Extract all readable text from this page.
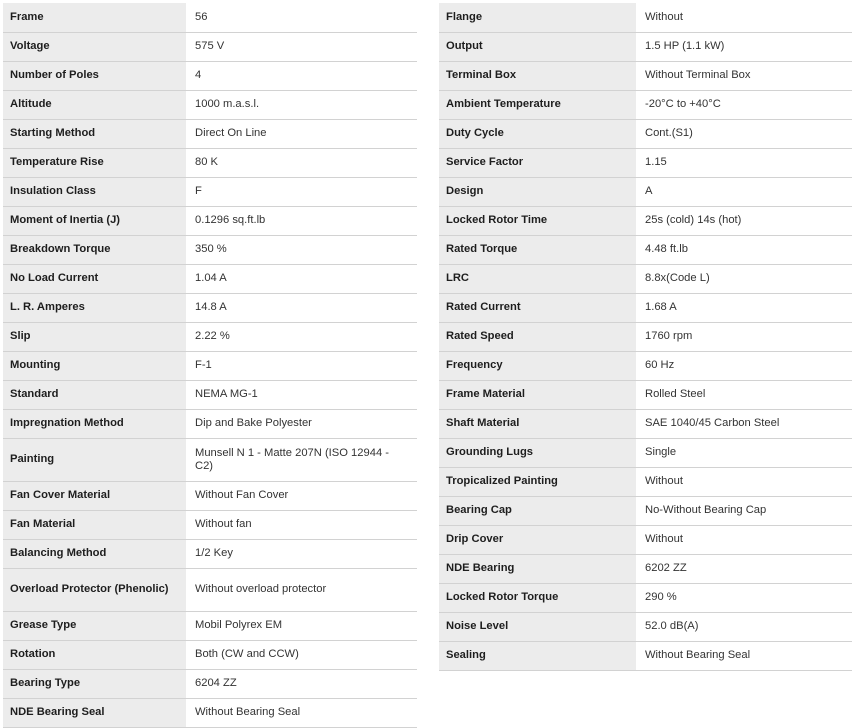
Frame	56
Voltage	575 V
Number of Poles	4
Altitude	1000 m.a.s.l.
Starting Method	Direct On Line
Temperature Rise	80 K
Insulation Class	F
Moment of Inertia (J)	0.1296 sq.ft.lb
Breakdown Torque	350 %
No Load Current	1.04 A
L. R. Amperes	14.8 A
Slip	2.22 %
Mounting	F-1
Standard	NEMA MG-1
Impregnation Method	Dip and Bake Polyester
Painting	Munsell N 1 - Matte 207N (ISO 12944 - C2)
Fan Cover Material	Without Fan Cover
Fan Material	Without fan
Balancing Method	1/2 Key
Overload Protector (Phenolic)	Without overload protector
Grease Type	Mobil Polyrex EM
Rotation	Both (CW and CCW)
Bearing Type	6204 ZZ
NDE Bearing Seal	Without Bearing Seal
Flange	Without
Output	1.5 HP (1.1 kW)
Terminal Box	Without Terminal Box
Ambient Temperature	-20°C to +40°C
Duty Cycle	Cont.(S1)
Service Factor	1.15
Design	A
Locked Rotor Time	25s (cold) 14s (hot)
Rated Torque	4.48 ft.lb
LRC	8.8x(Code L)
Rated Current	1.68 A
Rated Speed	1760 rpm
Frequency	60 Hz
Frame Material	Rolled Steel
Shaft Material	SAE 1040/45 Carbon Steel
Grounding Lugs	Single
Tropicalized Painting	Without
Bearing Cap	No-Without Bearing Cap
Drip Cover	Without
NDE Bearing	6202 ZZ
Locked Rotor Torque	290 %
Noise Level	52.0 dB(A)
Sealing	Without Bearing Seal
